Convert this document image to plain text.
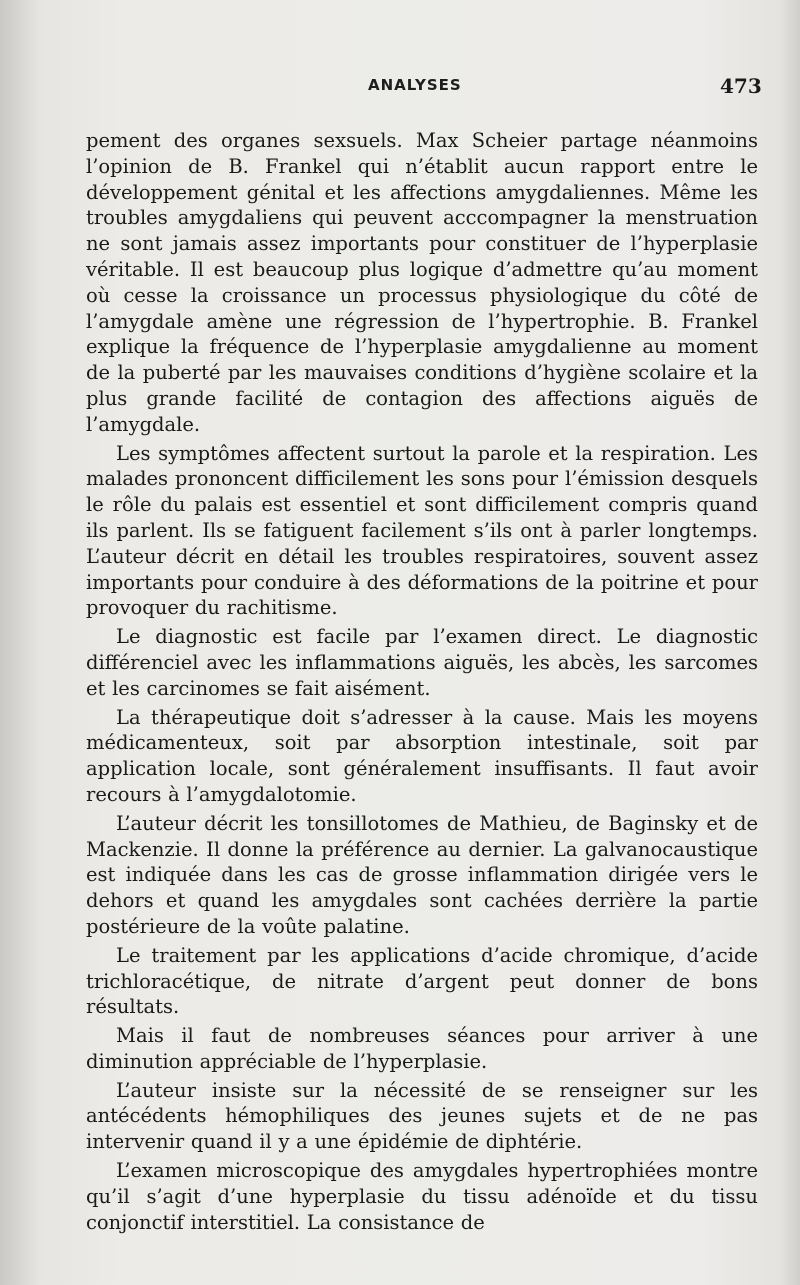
ANALYSES	473

pement des organes sexsuels. Max Scheier partage néanmoins l’opinion de B. Frankel qui n’établit aucun rapport entre le développement génital et les affections amygdaliennes. Même les troubles amygdaliens qui peuvent acccompagner la menstruation ne sont jamais assez importants pour constituer de l’hyperplasie véritable. Il est beaucoup plus logique d’admettre qu’au moment où cesse la croissance un processus physiologique du côté de l’amygdale amène une régression de l’hypertrophie. B. Frankel explique la fréquence de l’hyperplasie amygdalienne au moment de la puberté par les mauvaises conditions d’hygiène scolaire et la plus grande facilité de contagion des affections aiguës de l’amygdale.

Les symptômes affectent surtout la parole et la respiration. Les malades prononcent difficilement les sons pour l’émission desquels le rôle du palais est essentiel et sont difficilement compris quand ils parlent. Ils se fatiguent facilement s’ils ont à parler longtemps. L’auteur décrit en détail les troubles respiratoires, souvent assez importants pour conduire à des déformations de la poitrine et pour provoquer du rachitisme.

Le diagnostic est facile par l’examen direct. Le diagnostic différenciel avec les inflammations aiguës, les abcès, les sarcomes et les carcinomes se fait aisément.

La thérapeutique doit s’adresser à la cause. Mais les moyens médicamenteux, soit par absorption intestinale, soit par application locale, sont généralement insuffisants. Il faut avoir recours à l’amygdalotomie.

L’auteur décrit les tonsillotomes de Mathieu, de Baginsky et de Mackenzie. Il donne la préférence au dernier. La galvanocaustique est indiquée dans les cas de grosse inflammation dirigée vers le dehors et quand les amygdales sont cachées derrière la partie postérieure de la voûte palatine.

Le traitement par les applications d’acide chromique, d’acide trichloracétique, de nitrate d’argent peut donner de bons résultats.

Mais il faut de nombreuses séances pour arriver à une diminution appréciable de l’hyperplasie.

L’auteur insiste sur la nécessité de se renseigner sur les antécédents hémophiliques des jeunes sujets et de ne pas intervenir quand il y a une épidémie de diphtérie.

L’examen microscopique des amygdales hypertrophiées montre qu’il s’agit d’une hyperplasie du tissu adénoïde et du tissu conjonctif interstitiel. La consistance de
